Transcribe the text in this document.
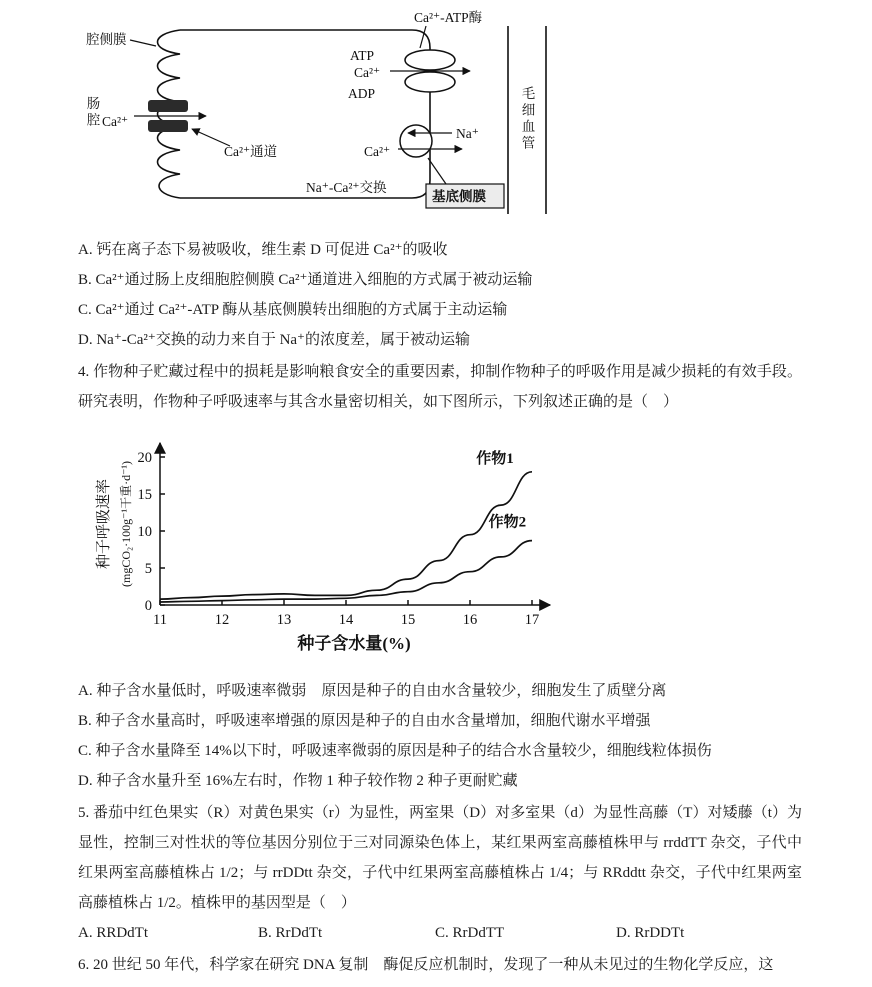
腔侧膜
肠腔 Ca²⁺
Ca²⁺通道
ATP
Ca²⁺
ADP
Ca²⁺-ATP酶
Na⁺
Ca²⁺
Na⁺-Ca²⁺交换
基底侧膜
毛细血管
A. 钙在离子态下易被吸收，维生素 D 可促进 Ca²⁺的吸收
B. Ca²⁺通过肠上皮细胞腔侧膜 Ca²⁺通道进入细胞的方式属于被动运输
C. Ca²⁺通过 Ca²⁺-ATP 酶从基底侧膜转出细胞的方式属于主动运输
D. Na⁺-Ca²⁺交换的动力来自于 Na⁺的浓度差，属于被动运输

4. 作物种子贮藏过程中的损耗是影响粮食安全的重要因素，抑制作物种子的呼吸作用是减少损耗的有效手段。研究表明，作物种子呼吸速率与其含水量密切相关，如下图所示，下列叙述正确的是（　）

11	12	13	14	15	16	17
0
5
10
15
20	作物1
作物2
种子含水量(%)
种子呼吸速率 (mgCO₂·100g⁻¹干重·d⁻¹)
A. 种子含水量低时，呼吸速率微弱　原因是种子的自由水含量较少，细胞发生了质壁分离
B. 种子含水量高时，呼吸速率增强的原因是种子的自由水含量增加，细胞代谢水平增强
C. 种子含水量降至 14%以下时，呼吸速率微弱的原因是种子的结合水含量较少，细胞线粒体损伤
D. 种子含水量升至 16%左右时，作物 1 种子较作物 2 种子更耐贮藏

5. 番茄中红色果实（R）对黄色果实（r）为显性，两室果（D）对多室果（d）为显性高藤（T）对矮藤（t）为显性，控制三对性状的等位基因分别位于三对同源染色体上，某红果两室高藤植株甲与 rrddTT 杂交，子代中红果两室高藤植株占 1/2；与 rrDDtt 杂交，子代中红果两室高藤植株占 1/4；与 RRddtt 杂交，子代中红果两室高藤植株占 1/2。植株甲的基因型是（　）

A. RRDdTt	B. RrDdTt	C. RrDdTT	D. RrDDTt

6. 20 世纪 50 年代，科学家在研究 DNA 复制　酶促反应机制时，发现了一种从未见过的生物化学反应，这
